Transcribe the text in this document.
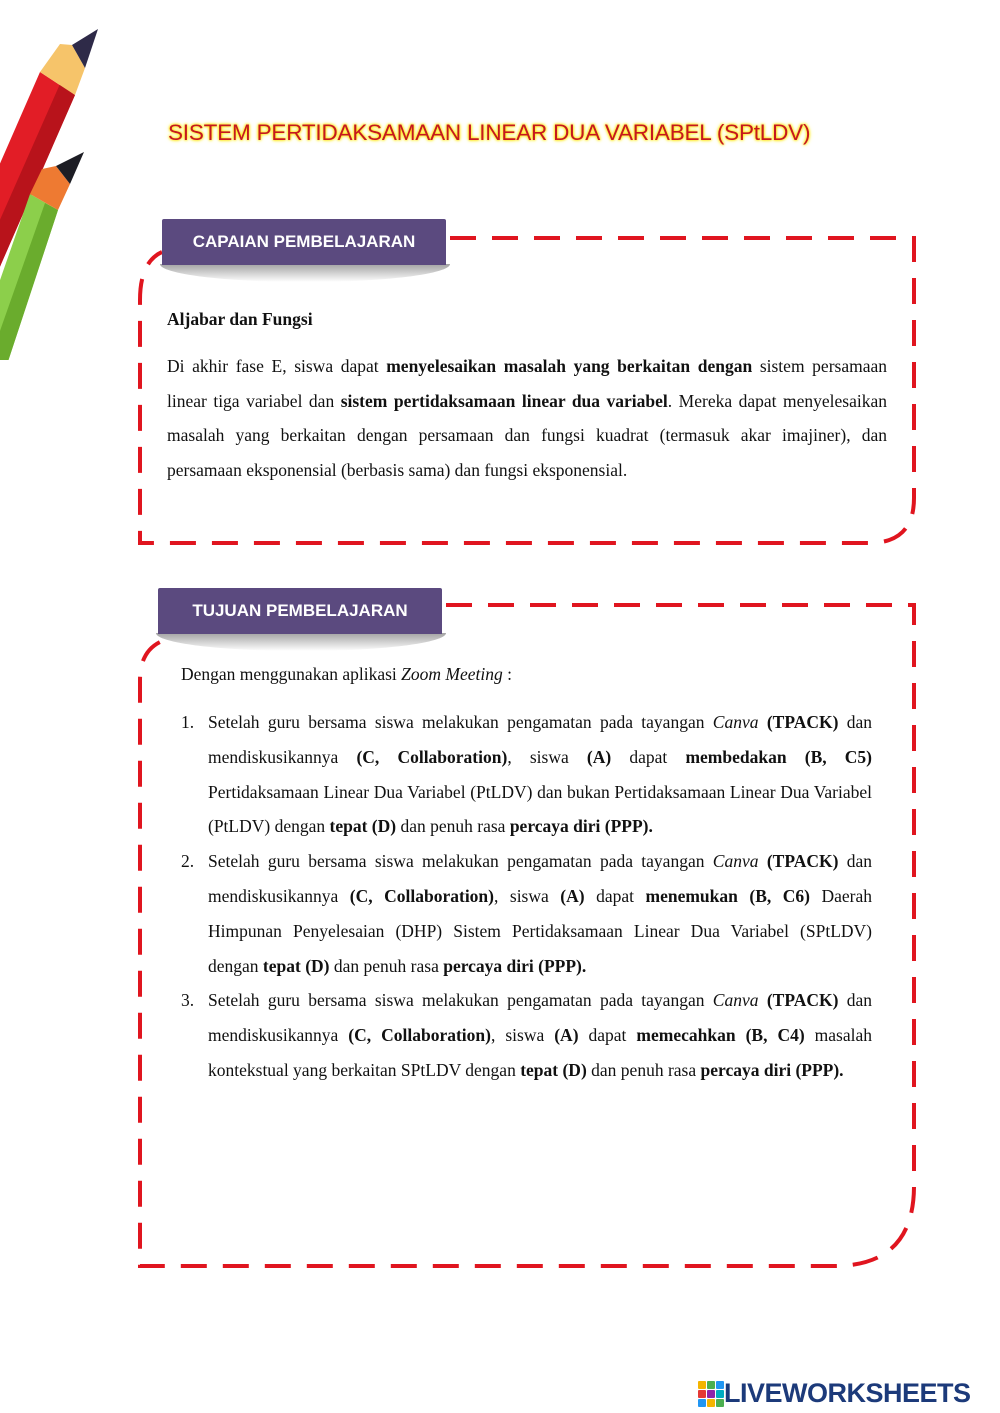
SISTEM PERTIDAKSAMAAN LINEAR DUA VARIABEL (SPtLDV)
CAPAIAN PEMBELAJARAN

Aljabar dan Fungsi

Di akhir fase E, siswa dapat menyelesaikan masalah yang berkaitan dengan sistem persamaan linear tiga variabel dan sistem pertidaksamaan linear dua variabel. Mereka dapat menyelesaikan masalah yang berkaitan dengan persamaan dan fungsi kuadrat (termasuk akar imajiner), dan persamaan eksponensial (berbasis sama) dan fungsi eksponensial.

TUJUAN PEMBELAJARAN

Dengan menggunakan aplikasi Zoom Meeting :

1. Setelah guru bersama siswa melakukan pengamatan pada tayangan Canva (TPACK) dan mendiskusikannya (C, Collaboration), siswa (A) dapat membedakan (B, C5) Pertidaksamaan Linear Dua Variabel (PtLDV) dan bukan Pertidaksamaan Linear Dua Variabel (PtLDV) dengan tepat (D) dan penuh rasa percaya diri (PPP).
2. Setelah guru bersama siswa melakukan pengamatan pada tayangan Canva (TPACK) dan mendiskusikannya (C, Collaboration), siswa (A) dapat menemukan (B, C6) Daerah Himpunan Penyelesaian (DHP) Sistem Pertidaksamaan Linear Dua Variabel (SPtLDV) dengan tepat (D) dan penuh rasa percaya diri (PPP).
3. Setelah guru bersama siswa melakukan pengamatan pada tayangan Canva (TPACK) dan mendiskusikannya (C, Collaboration), siswa (A) dapat memecahkan (B, C4) masalah kontekstual yang berkaitan SPtLDV dengan tepat (D) dan penuh rasa percaya diri (PPP).
LIVEWORKSHEETS
